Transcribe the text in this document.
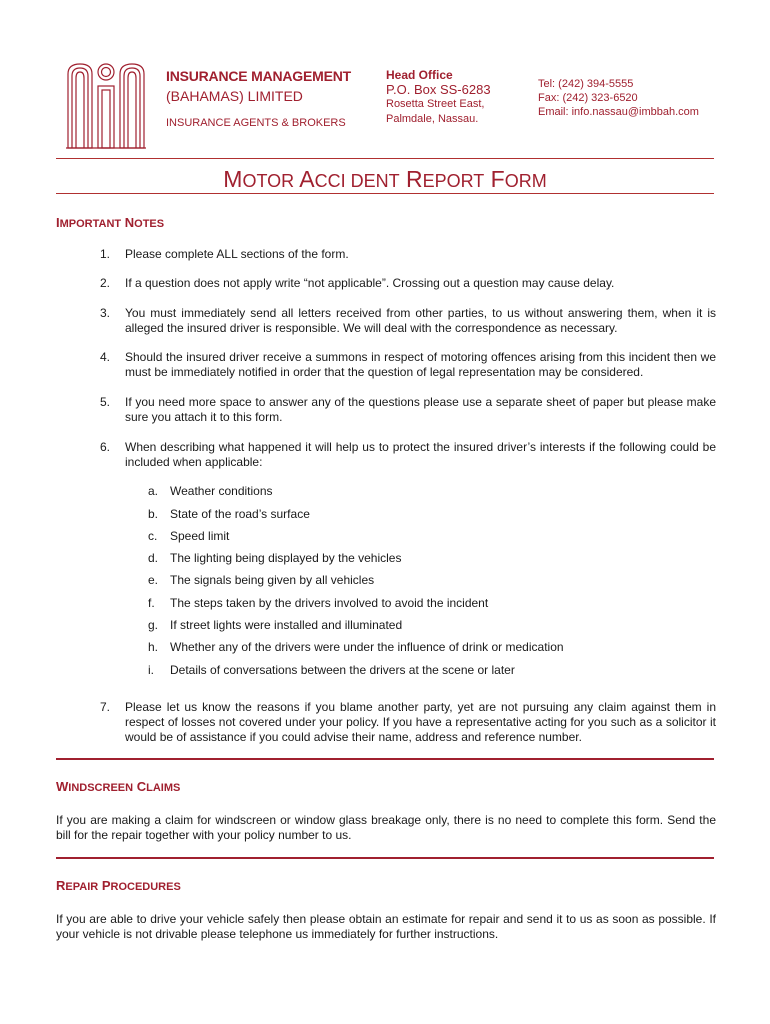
INSURANCE MANAGEMENT
(BAHAMAS) LIMITED
INSURANCE AGENTS & BROKERS
Head Office
P.O. Box SS-6283
Rosetta Street East,
Palmdale, Nassau.
Tel: (242) 394-5555
Fax: (242) 323-6520
Email: info.nassau@imbbah.com
MOTOR ACCI DENT REPORT FORM
IMPORTANT NOTES
1. Please complete ALL sections of the form.
2. If a question does not apply write “not applicable”. Crossing out a question may cause delay.
3. You must immediately send all letters received from other parties, to us without answering them, when it is alleged the insured driver is responsible. We will deal with the correspondence as necessary.
4. Should the insured driver receive a summons in respect of motoring offences arising from this incident then we must be immediately notified in order that the question of legal representation may be considered.
5. If you need more space to answer any of the questions please use a separate sheet of paper but please make sure you attach it to this form.
6. When describing what happened it will help us to protect the insured driver’s interests if the following could be included when applicable:
a. Weather conditions
b. State of the road’s surface
c. Speed limit
d. The lighting being displayed by the vehicles
e. The signals being given by all vehicles
f. The steps taken by the drivers involved to avoid the incident
g. If street lights were installed and illuminated
h. Whether any of the drivers were under the influence of drink or medication
i. Details of conversations between the drivers at the scene or later
7. Please let us know the reasons if you blame another party, yet are not pursuing any claim against them in respect of losses not covered under your policy. If you have a representative acting for you such as a solicitor it would be of assistance if you could advise their name, address and reference number.
WINDSCREEN CLAIMS
If you are making a claim for windscreen or window glass breakage only, there is no need to complete this form. Send the bill for the repair together with your policy number to us.
REPAIR PROCEDURES
If you are able to drive your vehicle safely then please obtain an estimate for repair and send it to us as soon as possible. If your vehicle is not drivable please telephone us immediately for further instructions.
